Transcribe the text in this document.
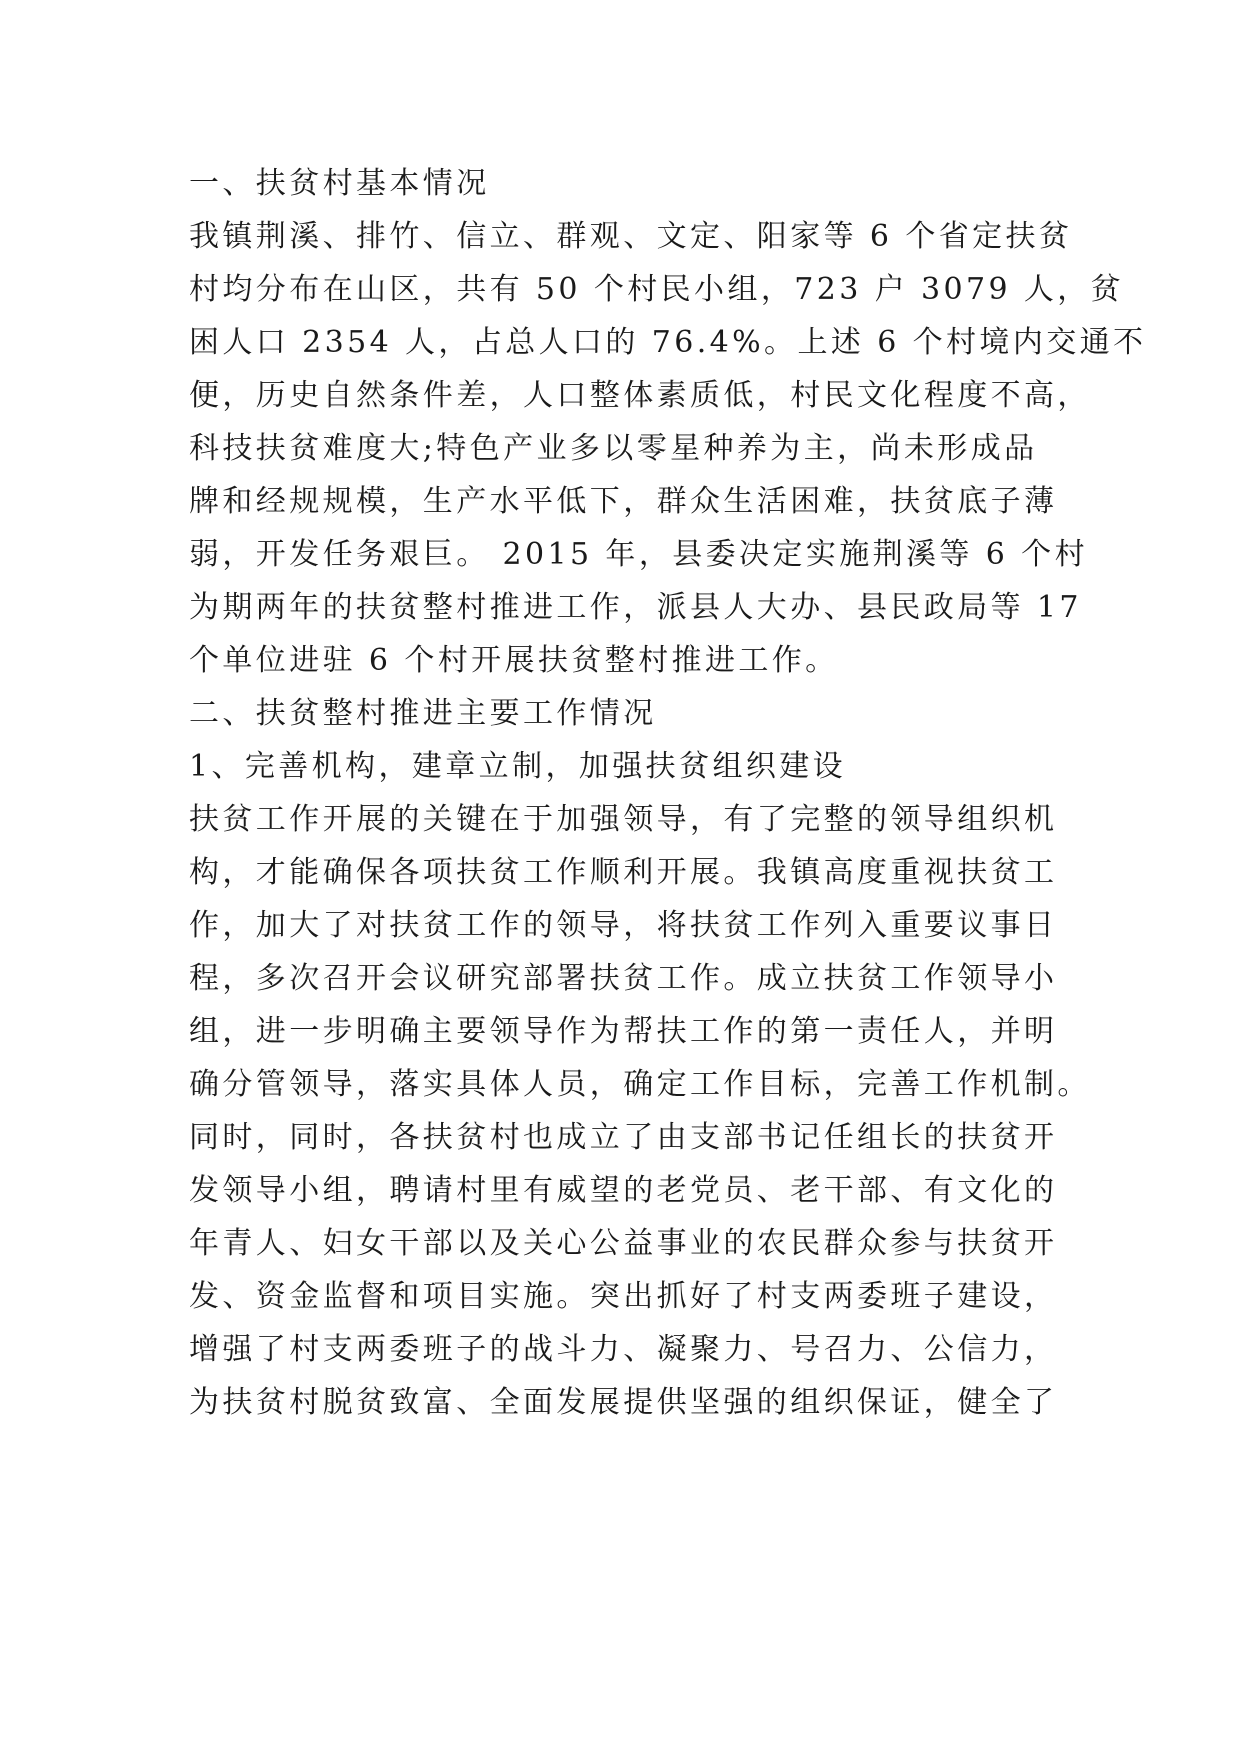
一、扶贫村基本情况
我镇荆溪、排竹、信立、群观、文定、阳家等 6 个省定扶贫
村均分布在山区，共有 50 个村民小组，723 户 3079 人，贫
困人口 2354 人，占总人口的 76.4%。上述 6 个村境内交通不
便，历史自然条件差，人口整体素质低，村民文化程度不高，
科技扶贫难度大;特色产业多以零星种养为主，尚未形成品
牌和经规规模，生产水平低下，群众生活困难，扶贫底子薄
弱，开发任务艰巨。 2015 年，县委决定实施荆溪等 6 个村
为期两年的扶贫整村推进工作，派县人大办、县民政局等 17
个单位进驻 6 个村开展扶贫整村推进工作。
二、扶贫整村推进主要工作情况
1、完善机构，建章立制，加强扶贫组织建设
扶贫工作开展的关键在于加强领导，有了完整的领导组织机
构，才能确保各项扶贫工作顺利开展。我镇高度重视扶贫工
作，加大了对扶贫工作的领导，将扶贫工作列入重要议事日
程，多次召开会议研究部署扶贫工作。成立扶贫工作领导小
组，进一步明确主要领导作为帮扶工作的第一责任人，并明
确分管领导，落实具体人员，确定工作目标，完善工作机制。
同时，同时，各扶贫村也成立了由支部书记任组长的扶贫开
发领导小组，聘请村里有威望的老党员、老干部、有文化的
年青人、妇女干部以及关心公益事业的农民群众参与扶贫开
发、资金监督和项目实施。突出抓好了村支两委班子建设，
增强了村支两委班子的战斗力、凝聚力、号召力、公信力，
为扶贫村脱贫致富、全面发展提供坚强的组织保证，健全了
